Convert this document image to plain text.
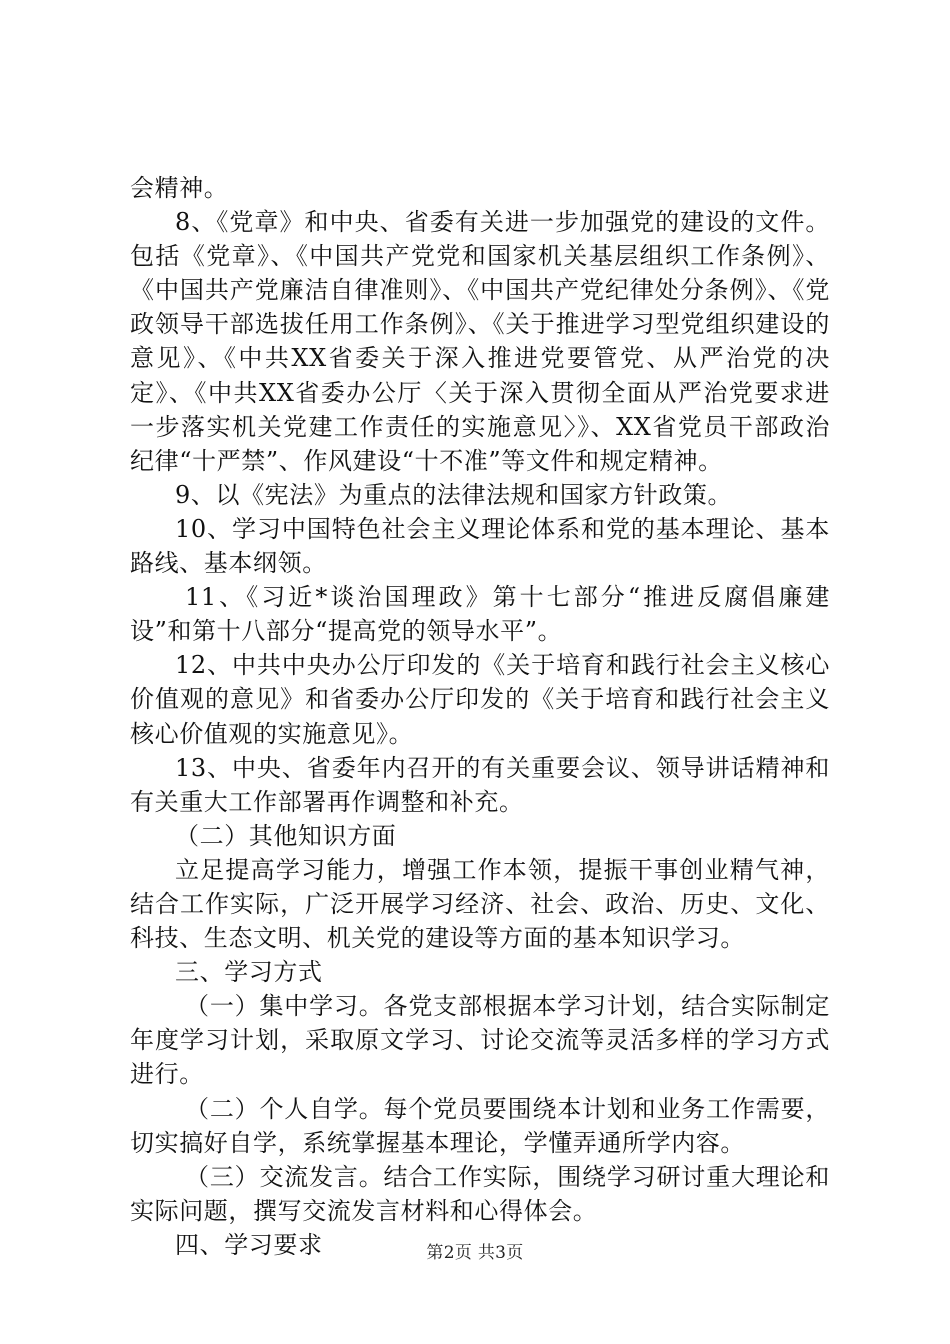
会精神。

8、《党章》和中央、省委有关进一步加强党的建设的文件。包括《党章》、《中国共产党党和国家机关基层组织工作条例》、《中国共产党廉洁自律准则》、《中国共产党纪律处分条例》、《党政领导干部选拔任用工作条例》、《关于推进学习型党组织建设的意见》、《中共XX省委关于深入推进党要管党、从严治党的决定》、《中共XX省委办公厅〈关于深入贯彻全面从严治党要求进一步落实机关党建工作责任的实施意见〉》、XX省党员干部政治纪律“十严禁”、作风建设“十不准”等文件和规定精神。

9、以《宪法》为重点的法律法规和国家方针政策。

10、学习中国特色社会主义理论体系和党的基本理论、基本路线、基本纲领。

11、《习近*谈治国理政》第十七部分“推进反腐倡廉建设”和第十八部分“提高党的领导水平”。

12、中共中央办公厅印发的《关于培育和践行社会主义核心价值观的意见》和省委办公厅印发的《关于培育和践行社会主义核心价值观的实施意见》。

13、中央、省委年内召开的有关重要会议、领导讲话精神和有关重大工作部署再作调整和补充。

（二）其他知识方面

立足提高学习能力，增强工作本领，提振干事创业精气神，结合工作实际，广泛开展学习经济、社会、政治、历史、文化、科技、生态文明、机关党的建设等方面的基本知识学习。

三、学习方式

（一）集中学习。各党支部根据本学习计划，结合实际制定年度学习计划，采取原文学习、讨论交流等灵活多样的学习方式进行。

（二）个人自学。每个党员要围绕本计划和业务工作需要，切实搞好自学，系统掌握基本理论，学懂弄通所学内容。

（三）交流发言。结合工作实际，围绕学习研讨重大理论和实际问题，撰写交流发言材料和心得体会。

四、学习要求	第2页 共3页
